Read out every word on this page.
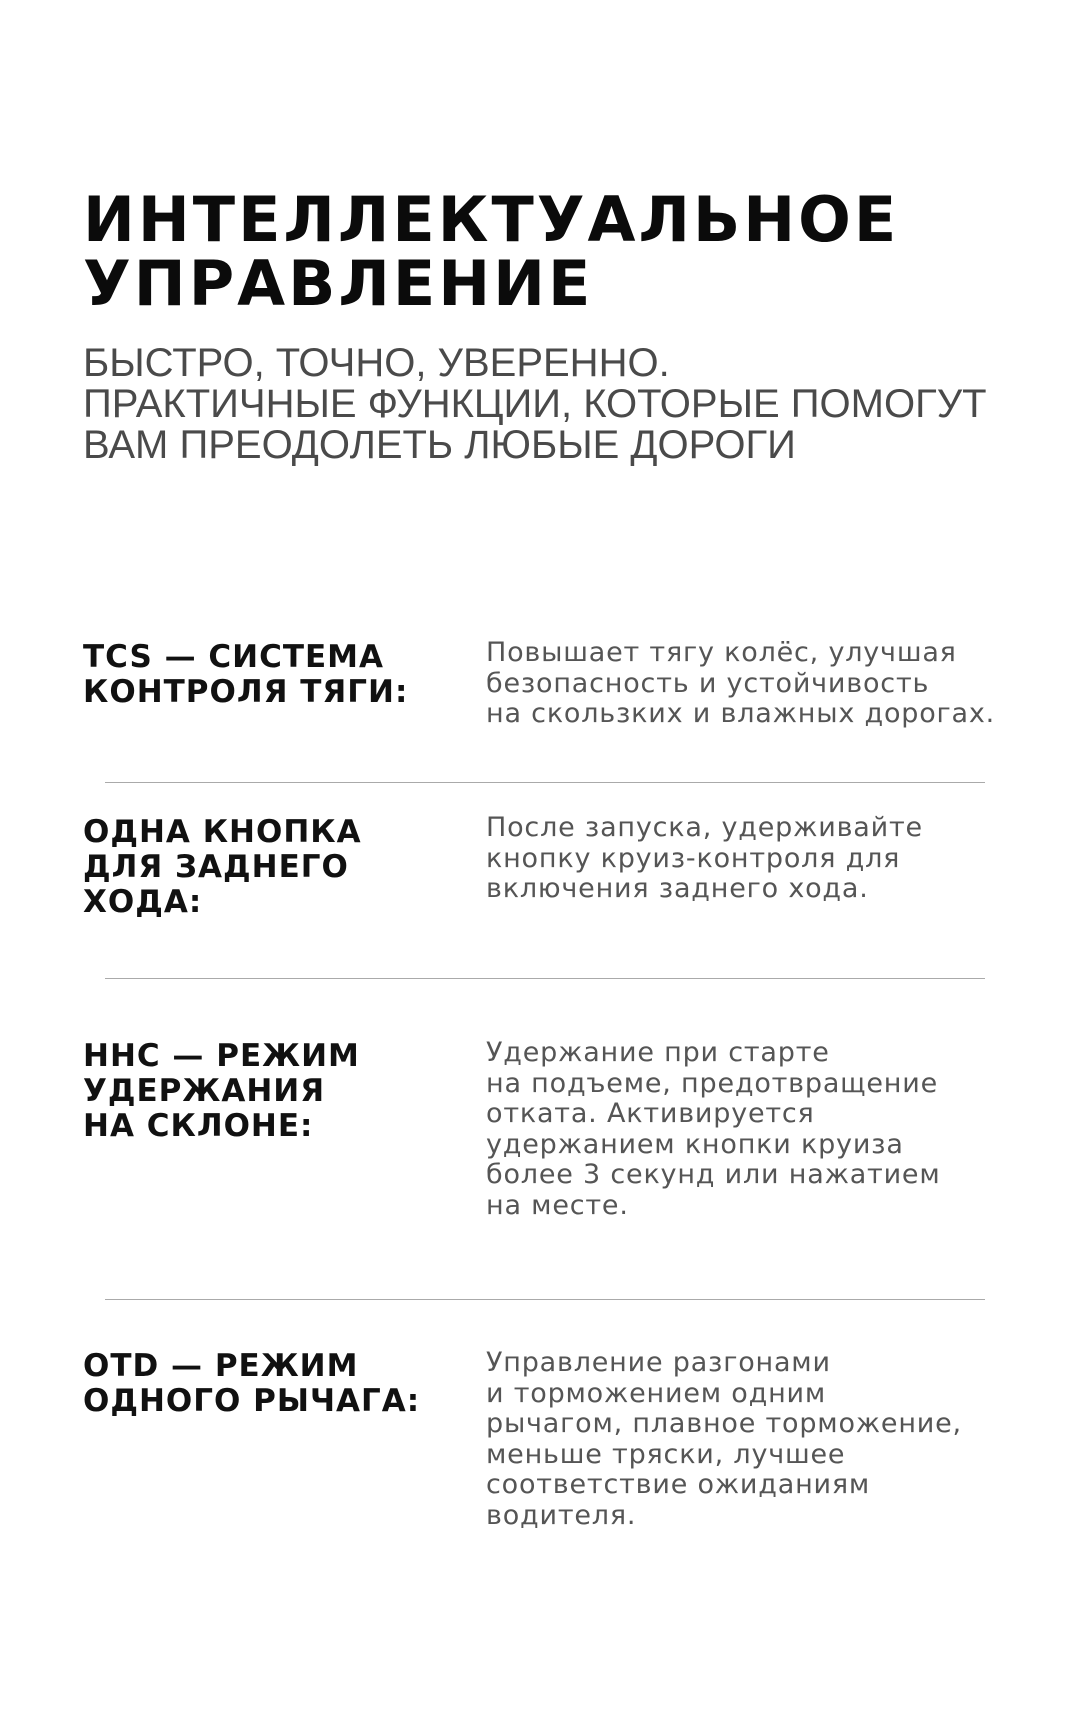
ИНТЕЛЛЕКТУАЛЬНОЕ
УПРАВЛЕНИЕ

БЫСТРО, ТОЧНО, УВЕРЕННО.
ПРАКТИЧНЫЕ ФУНКЦИИ, КОТОРЫЕ ПОМОГУТ
ВАМ ПРЕОДОЛЕТЬ ЛЮБЫЕ ДОРОГИ

TCS — СИСТЕМА
КОНТРОЛЯ ТЯГИ:

Повышает тягу колёс, улучшая
безопасность и устойчивость
на скользких и влажных дорогах.

ОДНА КНОПКА
ДЛЯ ЗАДНЕГО
ХОДА:

После запуска, удерживайте
кнопку круиз-контроля для
включения заднего хода.

HHC — РЕЖИМ
УДЕРЖАНИЯ
НА СКЛОНЕ:

Удержание при старте
на подъеме, предотвращение
отката. Активируется
удержанием кнопки круиза
более 3 секунд или нажатием
на месте.

OTD — РЕЖИМ
ОДНОГО РЫЧАГА:

Управление разгонами
и торможением одним
рычагом, плавное торможение,
меньше тряски, лучшее
соответствие ожиданиям
водителя.
